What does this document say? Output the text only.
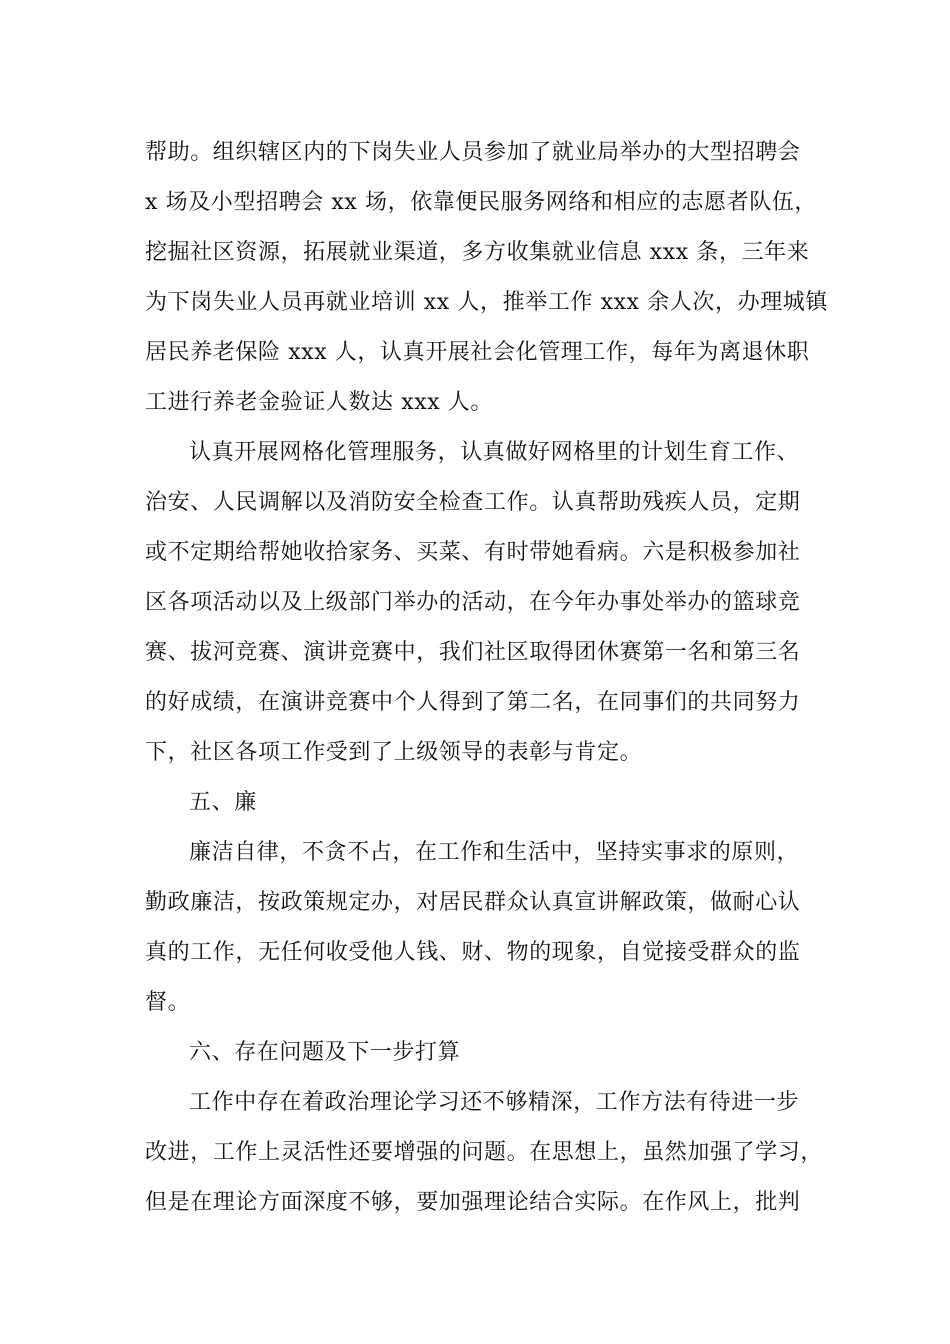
帮助。组织辖区内的下岗失业人员参加了就业局举办的大型招聘会
x 场及小型招聘会 xx 场，依靠便民服务网络和相应的志愿者队伍，
挖掘社区资源，拓展就业渠道，多方收集就业信息 xxx 条，三年来
为下岗失业人员再就业培训 xx 人，推举工作 xxx 余人次，办理城镇
居民养老保险 xxx 人，认真开展社会化管理工作，每年为离退休职
工进行养老金验证人数达 xxx 人。
认真开展网格化管理服务，认真做好网格里的计划生育工作、
治安、人民调解以及消防安全检查工作。认真帮助残疾人员，定期
或不定期给帮她收拾家务、买菜、有时带她看病。六是积极参加社
区各项活动以及上级部门举办的活动，在今年办事处举办的篮球竞
赛、拔河竞赛、演讲竞赛中，我们社区取得团休赛第一名和第三名
的好成绩，在演讲竞赛中个人得到了第二名，在同事们的共同努力
下，社区各项工作受到了上级领导的表彰与肯定。
五、廉
廉洁自律，不贪不占，在工作和生活中，坚持实事求的原则，
勤政廉洁，按政策规定办，对居民群众认真宣讲解政策，做耐心认
真的工作，无任何收受他人钱、财、物的现象，自觉接受群众的监
督。
六、存在问题及下一步打算
工作中存在着政治理论学习还不够精深，工作方法有待进一步
改进，工作上灵活性还要增强的问题。在思想上，虽然加强了学习，
但是在理论方面深度不够，要加强理论结合实际。在作风上，批判
